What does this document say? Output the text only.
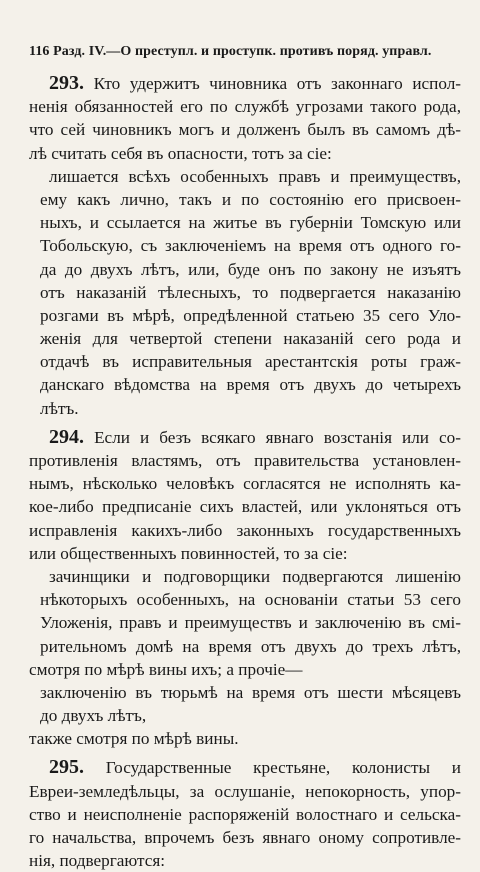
116 Разд. IV.—О преступл. и проступк. противъ поряд. управл.
293. Кто удержитъ чиновника отъ законнаго испол-
ненія обязанностей его по службѣ угрозами такого рода,
что сей чиновникъ могъ и долженъ былъ въ самомъ дѣ-
лѣ считать себя въ опасности, тотъ за сіе:
лишается всѣхъ особенныхъ правъ и преимуществъ,
ему какъ лично, такъ и по состоянію его присвоен-
ныхъ, и ссылается на житье въ губерніи Томскую или
Тобольскую, съ заключеніемъ на время отъ одного го-
да до двухъ лѣтъ, или, буде онъ по закону не изъятъ
отъ наказаній тѣлесныхъ, то подвергается наказанію
розгами въ мѣрѣ, опредѣленной статьею 35 сего Уло-
женія для четвертой степени наказаній сего рода и
отдачѣ въ исправительныя арестантскія роты граж-
данскаго вѣдомства на время отъ двухъ до четырехъ
лѣтъ.
294. Если и безъ всякаго явнаго возстанія или со-
противленія властямъ, отъ правительства установлен-
нымъ, нѣсколько человѣкъ согласятся не исполнять ка-
кое-либо предписаніе сихъ властей, или уклоняться отъ
исправленія какихъ-либо законныхъ государственныхъ
или общественныхъ повинностей, то за сіе:
зачинщики и подговорщики подвергаются лишенію
нѣкоторыхъ особенныхъ, на основаніи статьи 53 сего
Уложенія, правъ и преимуществъ и заключенію въ смі-
рительномъ домѣ на время отъ двухъ до трехъ лѣтъ,
смотря по мѣрѣ вины ихъ; а прочіе—
заключенію въ тюрьмѣ на время отъ шести мѣсяцевъ
до двухъ лѣтъ,
также смотря по мѣрѣ вины.
295. Государственные крестьяне, колонисты и
Евреи-земледѣльцы, за ослушаніе, непокорность, упор-
ство и неисполненіе распоряженій волостнаго и сельска-
го начальства, впрочемъ безъ явнаго оному сопротивле-
нія, подвергаются:
